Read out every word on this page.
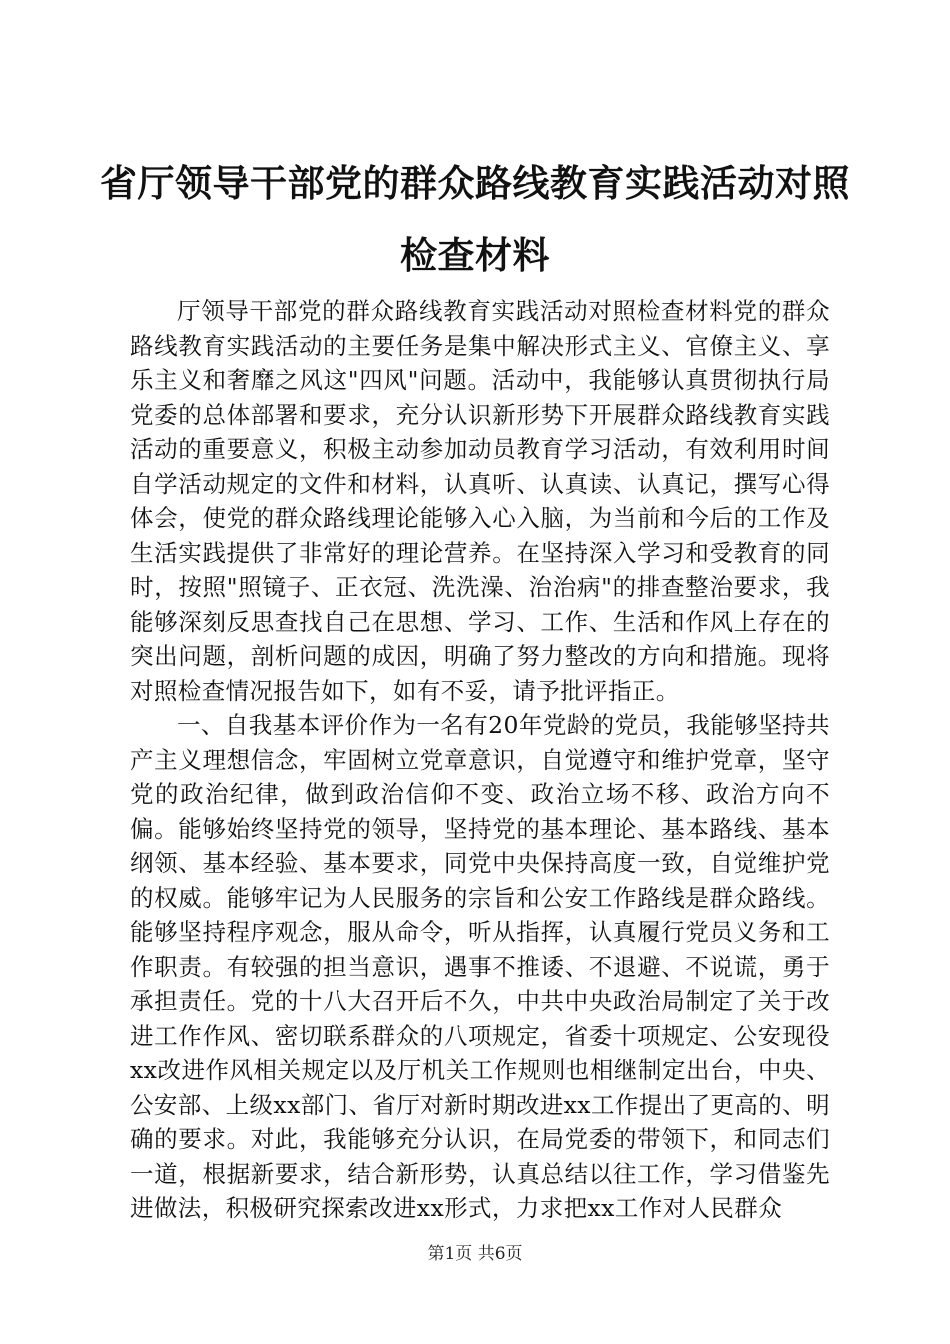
省厅领导干部党的群众路线教育实践活动对照检查材料

厅领导干部党的群众路线教育实践活动对照检查材料党的群众路线教育实践活动的主要任务是集中解决形式主义、官僚主义、享乐主义和奢靡之风这"四风"问题。活动中，我能够认真贯彻执行局党委的总体部署和要求，充分认识新形势下开展群众路线教育实践活动的重要意义，积极主动参加动员教育学习活动，有效利用时间自学活动规定的文件和材料，认真听、认真读、认真记，撰写心得体会，使党的群众路线理论能够入心入脑，为当前和今后的工作及生活实践提供了非常好的理论营养。在坚持深入学习和受教育的同时，按照"照镜子、正衣冠、洗洗澡、治治病"的排查整治要求，我能够深刻反思查找自己在思想、学习、工作、生活和作风上存在的突出问题，剖析问题的成因，明确了努力整改的方向和措施。现将对照检查情况报告如下，如有不妥，请予批评指正。

一、自我基本评价作为一名有20年党龄的党员，我能够坚持共产主义理想信念，牢固树立党章意识，自觉遵守和维护党章，坚守党的政治纪律，做到政治信仰不变、政治立场不移、政治方向不偏。能够始终坚持党的领导，坚持党的基本理论、基本路线、基本纲领、基本经验、基本要求，同党中央保持高度一致，自觉维护党的权威。能够牢记为人民服务的宗旨和公安工作路线是群众路线。能够坚持程序观念，服从命令，听从指挥，认真履行党员义务和工作职责。有较强的担当意识，遇事不推诿、不退避、不说谎，勇于承担责任。党的十八大召开后不久，中共中央政治局制定了关于改进工作作风、密切联系群众的八项规定，省委十项规定、公安现役xx改进作风相关规定以及厅机关工作规则也相继制定出台，中央、公安部、上级xx部门、省厅对新时期改进xx工作提出了更高的、明确的要求。对此，我能够充分认识，在局党委的带领下，和同志们一道，根据新要求，结合新形势，认真总结以往工作，学习借鉴先进做法，积极研究探索改进xx形式，力求把xx工作对人民群众

第1页 共6页
